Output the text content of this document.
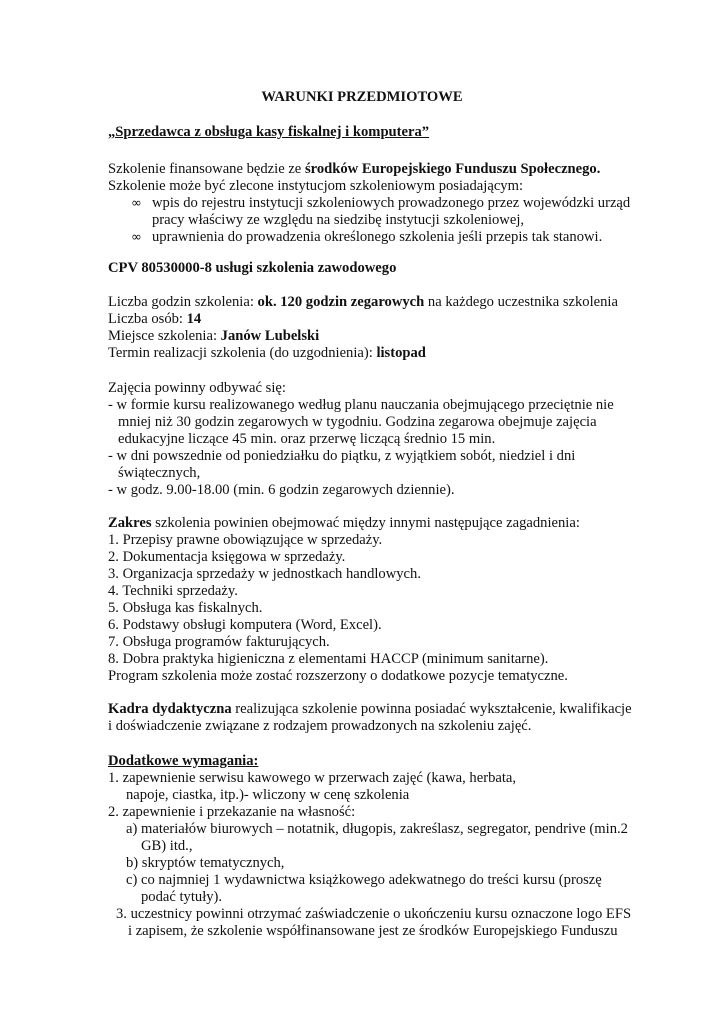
WARUNKI PRZEDMIOTOWE
„Sprzedawca z obsługa kasy fiskalnej i komputera”
Szkolenie finansowane będzie ze środków Europejskiego Funduszu Społecznego.
Szkolenie może być zlecone instytucjom szkoleniowym posiadającym:
∞ wpis do rejestru instytucji szkoleniowych prowadzonego przez wojewódzki urząd
pracy właściwy ze względu na siedzibę instytucji szkoleniowej,
∞ uprawnienia do prowadzenia określonego szkolenia jeśli przepis tak stanowi.
CPV 80530000-8 usługi szkolenia zawodowego
Liczba godzin szkolenia: ok. 120 godzin zegarowych na każdego uczestnika szkolenia
Liczba osób: 14
Miejsce szkolenia: Janów Lubelski
Termin realizacji szkolenia (do uzgodnienia): listopad
Zajęcia powinny odbywać się:
- w formie kursu realizowanego według planu nauczania obejmującego przeciętnie nie
mniej niż 30 godzin zegarowych w tygodniu. Godzina zegarowa obejmuje zajęcia
edukacyjne liczące 45 min. oraz przerwę liczącą średnio 15 min.
- w dni powszednie od poniedziałku do piątku, z wyjątkiem sobót, niedziel i dni
świątecznych,
- w godz. 9.00-18.00 (min. 6 godzin zegarowych dziennie).
Zakres szkolenia powinien obejmować między innymi następujące zagadnienia:
1. Przepisy prawne obowiązujące w sprzedaży.
2. Dokumentacja księgowa w sprzedaży.
3. Organizacja sprzedaży w jednostkach handlowych.
4. Techniki sprzedaży.
5. Obsługa kas fiskalnych.
6. Podstawy obsługi komputera (Word, Excel).
7. Obsługa programów fakturujących.
8. Dobra praktyka higieniczna z elementami HACCP (minimum sanitarne).
Program szkolenia może zostać rozszerzony o dodatkowe pozycje tematyczne.
Kadra dydaktyczna realizująca szkolenie powinna posiadać wykształcenie, kwalifikacje
i doświadczenie związane z rodzajem prowadzonych na szkoleniu zajęć.
Dodatkowe wymagania:
1. zapewnienie serwisu kawowego w przerwach zajęć (kawa, herbata,
napoje, ciastka, itp.)- wliczony w cenę szkolenia
2. zapewnienie i przekazanie na własność:
a) materiałów biurowych – notatnik, długopis, zakreślasz, segregator, pendrive (min.2
GB) itd.,
b) skryptów tematycznych,
c) co najmniej 1 wydawnictwa książkowego adekwatnego do treści kursu (proszę
podać tytuły).
3. uczestnicy powinni otrzymać zaświadczenie o ukończeniu kursu oznaczone logo EFS
i zapisem, że szkolenie współfinansowane jest ze środków Europejskiego Funduszu
